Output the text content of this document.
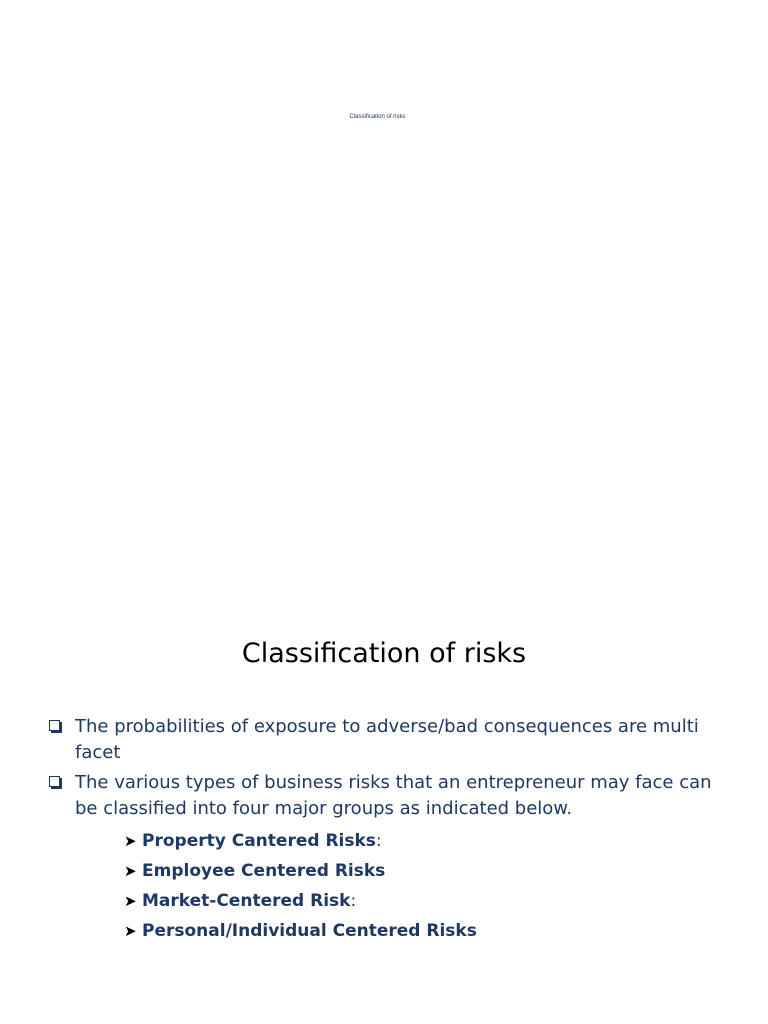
Classification of risks
Classification of risks
The probabilities of exposure to adverse/bad consequences are multi facet
The various types of business risks that an entrepreneur may face can be classified into four major groups as indicated below.
➤ Property Cantered Risks:
➤ Employee Centered Risks
➤ Market-Centered Risk:
➤ Personal/Individual Centered Risks
